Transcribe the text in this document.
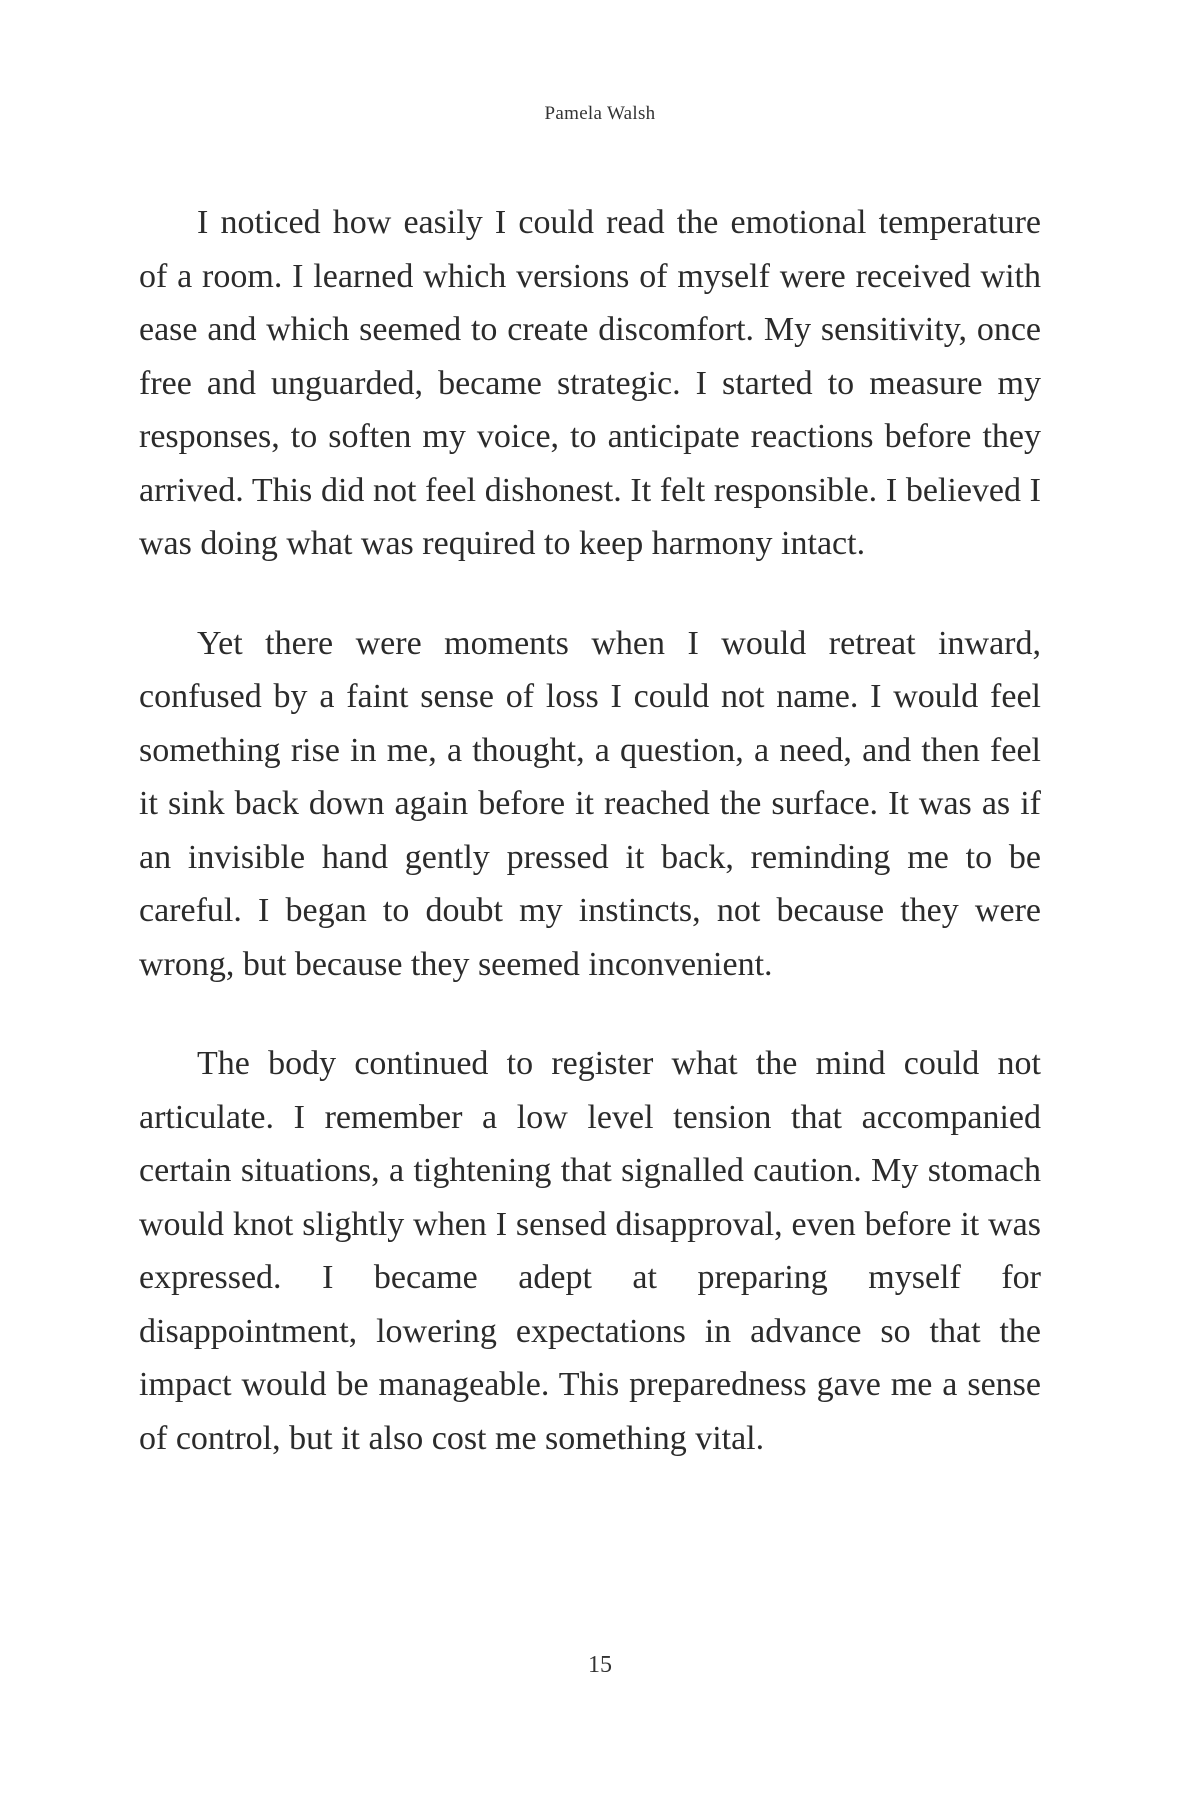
Pamela Walsh

I noticed how easily I could read the emotional temperature of a room. I learned which versions of myself were received with ease and which seemed to create discomfort. My sensitivity, once free and unguarded, became strategic. I started to measure my responses, to soften my voice, to anticipate reactions before they arrived. This did not feel dishonest. It felt responsible. I believed I was doing what was required to keep harmony intact.

Yet there were moments when I would retreat inward, confused by a faint sense of loss I could not name. I would feel something rise in me, a thought, a question, a need, and then feel it sink back down again before it reached the surface. It was as if an invisible hand gently pressed it back, reminding me to be careful. I began to doubt my instincts, not because they were wrong, but because they seemed inconvenient.

The body continued to register what the mind could not articulate. I remember a low level tension that accompanied certain situations, a tightening that signalled caution. My stomach would knot slightly when I sensed disapproval, even before it was expressed. I became adept at preparing myself for disappointment, lowering expectations in advance so that the impact would be manageable. This preparedness gave me a sense of control, but it also cost me something vital.

15
